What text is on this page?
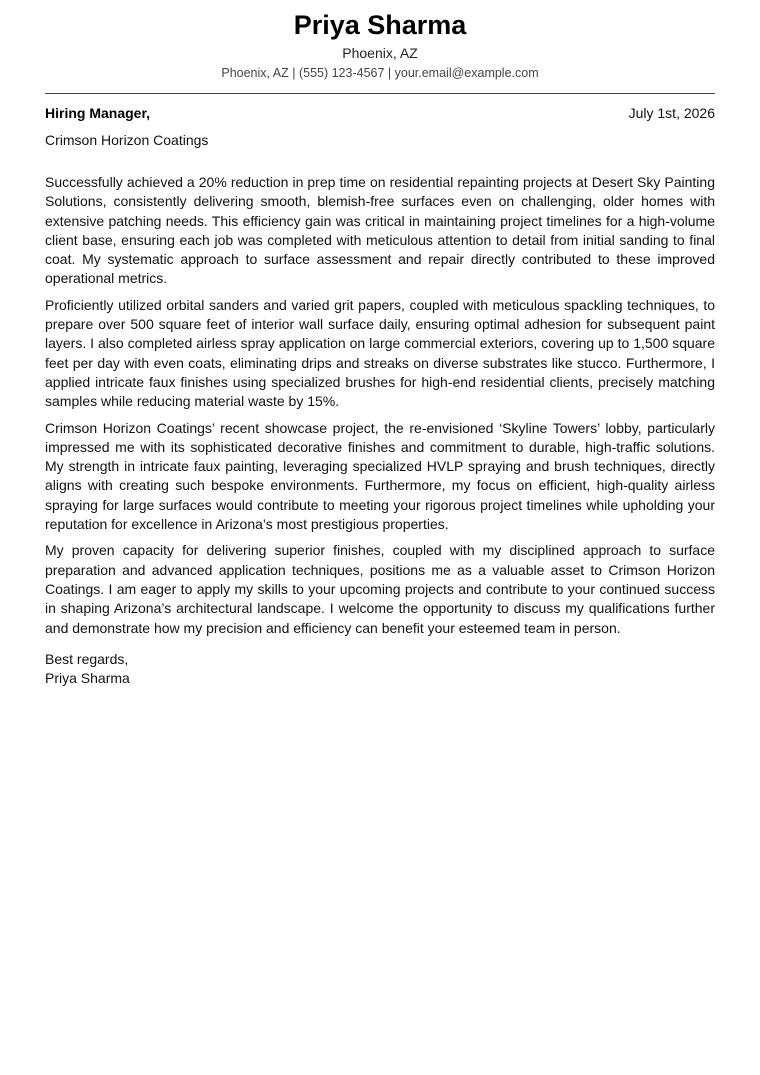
Priya Sharma
Phoenix, AZ
Phoenix, AZ | (555) 123-4567 | your.email@example.com
Hiring Manager,	July 1st, 2026
Crimson Horizon Coatings

Successfully achieved a 20% reduction in prep time on residential repainting projects at Desert Sky Painting Solutions, consistently delivering smooth, blemish-free surfaces even on challenging, older homes with extensive patching needs. This efficiency gain was critical in maintaining project timelines for a high-volume client base, ensuring each job was completed with meticulous attention to detail from initial sanding to final coat. My systematic approach to surface assessment and repair directly contributed to these improved operational metrics.

Proficiently utilized orbital sanders and varied grit papers, coupled with meticulous spackling techniques, to prepare over 500 square feet of interior wall surface daily, ensuring optimal adhesion for subsequent paint layers. I also completed airless spray application on large commercial exteriors, covering up to 1,500 square feet per day with even coats, eliminating drips and streaks on diverse substrates like stucco. Furthermore, I applied intricate faux finishes using specialized brushes for high-end residential clients, precisely matching samples while reducing material waste by 15%.

Crimson Horizon Coatings’ recent showcase project, the re-envisioned ‘Skyline Towers’ lobby, particularly impressed me with its sophisticated decorative finishes and commitment to durable, high-traffic solutions. My strength in intricate faux painting, leveraging specialized HVLP spraying and brush techniques, directly aligns with creating such bespoke environments. Furthermore, my focus on efficient, high-quality airless spraying for large surfaces would contribute to meeting your rigorous project timelines while upholding your reputation for excellence in Arizona’s most prestigious properties.

My proven capacity for delivering superior finishes, coupled with my disciplined approach to surface preparation and advanced application techniques, positions me as a valuable asset to Crimson Horizon Coatings. I am eager to apply my skills to your upcoming projects and contribute to your continued success in shaping Arizona’s architectural landscape. I welcome the opportunity to discuss my qualifications further and demonstrate how my precision and efficiency can benefit your esteemed team in person.

Best regards,
Priya Sharma
